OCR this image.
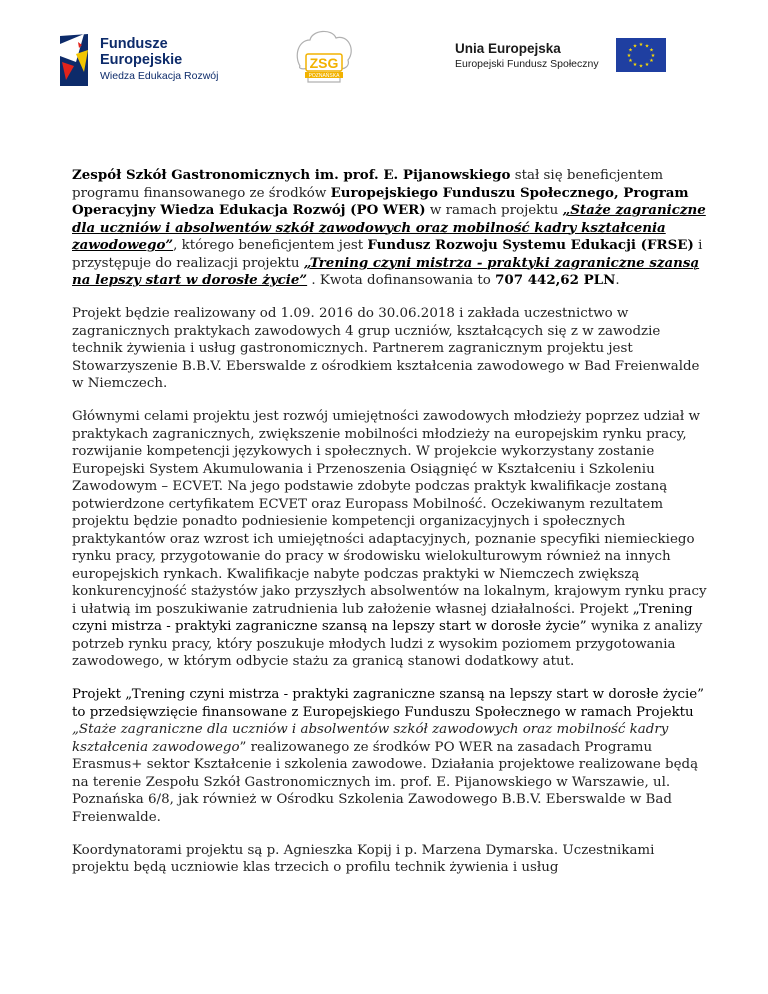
Fundusze
Europejskie
Wiedza Edukacja Rozwój
ZSG
POZNAŃSKA
Unia Europejska
Europejski Fundusz Społeczny
★ ★
★
★
★
★
★
★
★
★
★
★

Zespół Szkół Gastronomicznych im. prof. E. Pijanowskiego stał się beneficjentem programu finansowanego ze środków Europejskiego Funduszu Społecznego, Program Operacyjny Wiedza Edukacja Rozwój (PO WER) w ramach projektu „Staże zagraniczne dla uczniów i absolwentów szkół zawodowych oraz mobilność kadry kształcenia zawodowego”, którego beneficjentem jest Fundusz Rozwoju Systemu Edukacji (FRSE) i przystępuje do realizacji projektu „Trening czyni mistrza - praktyki zagraniczne szansą na lepszy start w dorosłe życie” . Kwota dofinansowania to 707 442,62 PLN.

Projekt będzie realizowany od 1.09. 2016 do 30.06.2018 i zakłada uczestnictwo w zagranicznych praktykach zawodowych 4 grup uczniów, kształcących się z w zawodzie technik żywienia i usług gastronomicznych. Partnerem zagranicznym projektu jest Stowarzyszenie B.B.V. Eberswalde z ośrodkiem kształcenia zawodowego w Bad Freienwalde w Niemczech.

Głównymi celami projektu jest rozwój umiejętności zawodowych młodzieży poprzez udział w praktykach zagranicznych, zwiększenie mobilności młodzieży na europejskim rynku pracy, rozwijanie kompetencji językowych i społecznych. W projekcie wykorzystany zostanie Europejski System Akumulowania i Przenoszenia Osiągnięć w Kształceniu i Szkoleniu Zawodowym – ECVET. Na jego podstawie zdobyte podczas praktyk kwalifikacje zostaną potwierdzone certyfikatem ECVET oraz Europass Mobilność. Oczekiwanym rezultatem projektu będzie ponadto podniesienie kompetencji organizacyjnych i społecznych praktykantów oraz wzrost ich umiejętności adaptacyjnych, poznanie specyfiki niemieckiego rynku pracy, przygotowanie do pracy w środowisku wielokulturowym również na innych europejskich rynkach. Kwalifikacje nabyte podczas praktyki w Niemczech zwiększą konkurencyjność stażystów jako przyszłych absolwentów na lokalnym, krajowym rynku pracy i ułatwią im poszukiwanie zatrudnienia lub założenie własnej działalności. Projekt „Trening czyni mistrza - praktyki zagraniczne szansą na lepszy start w dorosłe życie” wynika z analizy potrzeb rynku pracy, który poszukuje młodych ludzi z wysokim poziomem przygotowania zawodowego, w którym odbycie stażu za granicą stanowi dodatkowy atut.

Projekt „Trening czyni mistrza - praktyki zagraniczne szansą na lepszy start w dorosłe życie” to przedsięwzięcie finansowane z Europejskiego Funduszu Społecznego w ramach Projektu „Staże zagraniczne dla uczniów i absolwentów szkół zawodowych oraz mobilność kadry kształcenia zawodowego” realizowanego ze środków PO WER na zasadach Programu Erasmus+ sektor Kształcenie i szkolenia zawodowe. Działania projektowe realizowane będą na terenie Zespołu Szkół Gastronomicznych im. prof. E. Pijanowskiego w Warszawie, ul. Poznańska 6/8, jak również w Ośrodku Szkolenia Zawodowego B.B.V. Eberswalde w Bad Freienwalde.

Koordynatorami projektu są p. Agnieszka Kopij i p. Marzena Dymarska. Uczestnikami projektu będą uczniowie klas trzecich o profilu technik żywienia i usług
